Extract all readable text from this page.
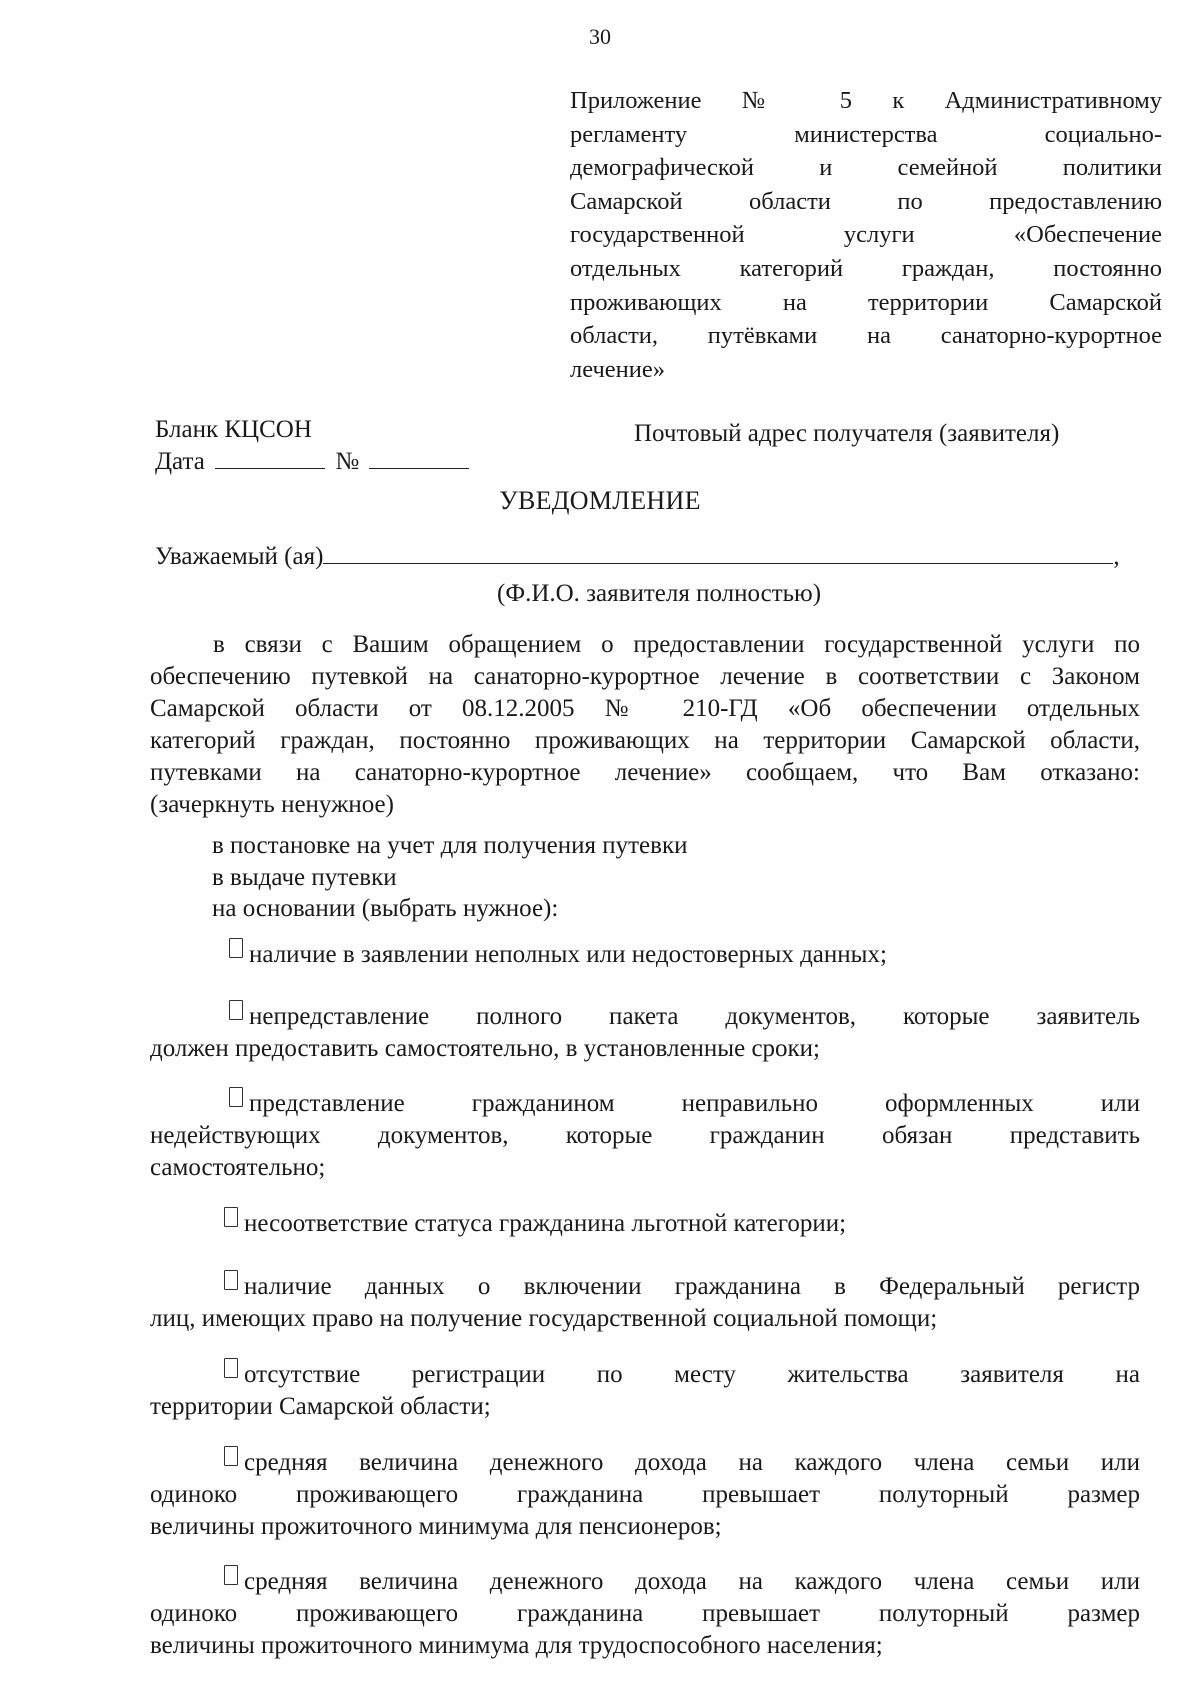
30
Приложение № 5 к Административному
регламенту министерства социально-
демографической и семейной политики
Самарской области по предоставлению
государственной услуги «Обеспечение
отдельных категорий граждан, постоянно
проживающих на территории Самарской
области, путёвками на санаторно-курортное
лечение»
Бланк КЦСОН
Дата	№
Почтовый адрес получателя (заявителя)
УВЕДОМЛЕНИЕ
Уважаемый (ая)	,
(Ф.И.О. заявителя полностью)
в связи с Вашим обращением о предоставлении государственной услуги по
обеспечению путевкой на санаторно-курортное лечение в соответствии с Законом
Самарской области от 08.12.2005 № 210-ГД «Об обеспечении отдельных
категорий граждан, постоянно проживающих на территории Самарской области,
путевками на санаторно-курортное лечение» сообщаем, что Вам отказано:
(зачеркнуть ненужное)
в постановке на учет для получения путевки
в выдаче путевки
на основании (выбрать нужное):
наличие в заявлении неполных или недостоверных данных;
непредставление полного пакета документов, которые заявитель
должен предоставить самостоятельно, в установленные сроки;
представление гражданином неправильно оформленных или
недействующих документов, которые гражданин обязан представить
самостоятельно;
несоответствие статуса гражданина льготной категории;
наличие данных о включении гражданина в Федеральный регистр
лиц, имеющих право на получение государственной социальной помощи;
отсутствие регистрации по месту жительства заявителя на
территории Самарской области;
средняя величина денежного дохода на каждого члена семьи или
одиноко проживающего гражданина превышает полуторный размер
величины прожиточного минимума для пенсионеров;
средняя величина денежного дохода на каждого члена семьи или
одиноко проживающего гражданина превышает полуторный размер
величины прожиточного минимума для трудоспособного населения;
